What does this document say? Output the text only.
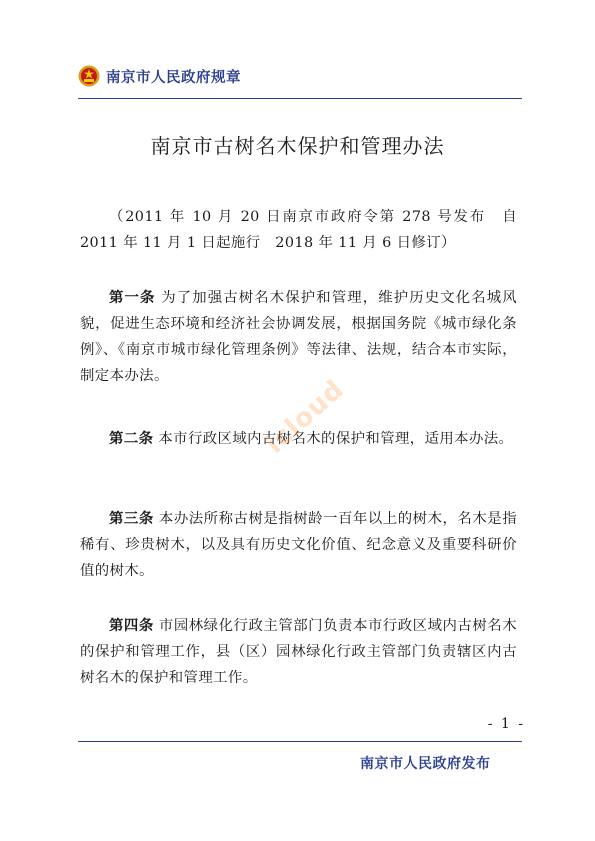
南京市人民政府规章
南京市古树名木保护和管理办法
（2011 年 10 月 20 日南京市政府令第 278 号发布　自 2011 年 11 月 1 日起施行　2018 年 11 月 6 日修订）
第一条 为了加强古树名木保护和管理，维护历史文化名城风貌，促进生态环境和经济社会协调发展，根据国务院《城市绿化条例》、《南京市城市绿化管理条例》等法律、法规，结合本市实际，制定本办法。
第二条 本市行政区域内古树名木的保护和管理，适用本办法。
第三条 本办法所称古树是指树龄一百年以上的树木，名木是指稀有、珍贵树木，以及具有历史文化价值、纪念意义及重要科研价值的树木。
第四条 市园林绿化行政主管部门负责本市行政区域内古树名木的保护和管理工作，县（区）园林绿化行政主管部门负责辖区内古树名木的保护和管理工作。
icloud
- 1 -
南京市人民政府发布
